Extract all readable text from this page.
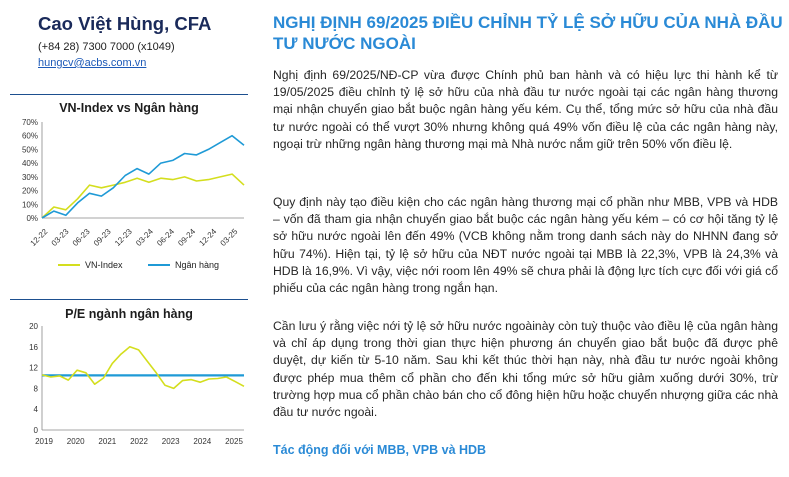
Cao Việt Hùng, CFA
(+84 28) 7300 7000 (x1049)
hungcv@acbs.com.vn
VN-Index vs Ngân hàng
0%
10%
20%
30%
40%
50%
60%
70%
12-22 03-23 06-23 09-23 12-23 03-24 06-24 09-24 12-24 03-25
VN-Index	Ngân hàng
P/E ngành ngân hàng
0
4
8
12
16
20
2019 2020 2021 2022 2023 2024 2025
NGHỊ ĐỊNH 69/2025 ĐIỀU CHỈNH TỶ LỆ SỞ HỮU CỦA NHÀ ĐẦU TƯ NƯỚC NGOÀI

Nghị định 69/2025/NĐ-CP vừa được Chính phủ ban hành và có hiệu lực thi hành kể từ 19/05/2025 điều chỉnh tỷ lệ sở hữu của nhà đầu tư nước ngoài tại các ngân hàng thương mại nhận chuyển giao bắt buộc ngân hàng yếu kém. Cụ thể, tổng mức sở hữu của nhà đầu tư nước ngoài có thể vượt 30% nhưng không quá 49% vốn điều lệ của các ngân hàng này, ngoại trừ những ngân hàng thương mại mà Nhà nước nắm giữ trên 50% vốn điều lệ.

Quy định này tạo điều kiện cho các ngân hàng thương mại cổ phần như MBB, VPB và HDB – vốn đã tham gia nhận chuyển giao bắt buộc các ngân hàng yếu kém – có cơ hội tăng tỷ lệ sở hữu nước ngoài lên đến 49% (VCB không nằm trong danh sách này do NHNN đang sở hữu 74%). Hiện tại, tỷ lệ sở hữu của NĐT nước ngoài tại MBB là 22,3%, VPB là 24,3% và HDB là 16,9%. Vì vậy, việc nới room lên 49% sẽ chưa phải là động lực tích cực đối với giá cổ phiếu của các ngân hàng trong ngắn hạn.

Cần lưu ý rằng việc nới tỷ lệ sở hữu nước ngoàinày còn tuỳ thuộc vào điều lệ của ngân hàng và chỉ áp dụng trong thời gian thực hiện phương án chuyển giao bắt buộc đã được phê duyệt, dự kiến từ 5-10 năm. Sau khi kết thúc thời hạn này, nhà đầu tư nước ngoài không được phép mua thêm cổ phần cho đến khi tổng mức sở hữu giảm xuống dưới 30%, trừ trường hợp mua cổ phần chào bán cho cổ đông hiện hữu hoặc chuyển nhượng giữa các nhà đầu tư nước ngoài.

Tác động đối với MBB, VPB và HDB
